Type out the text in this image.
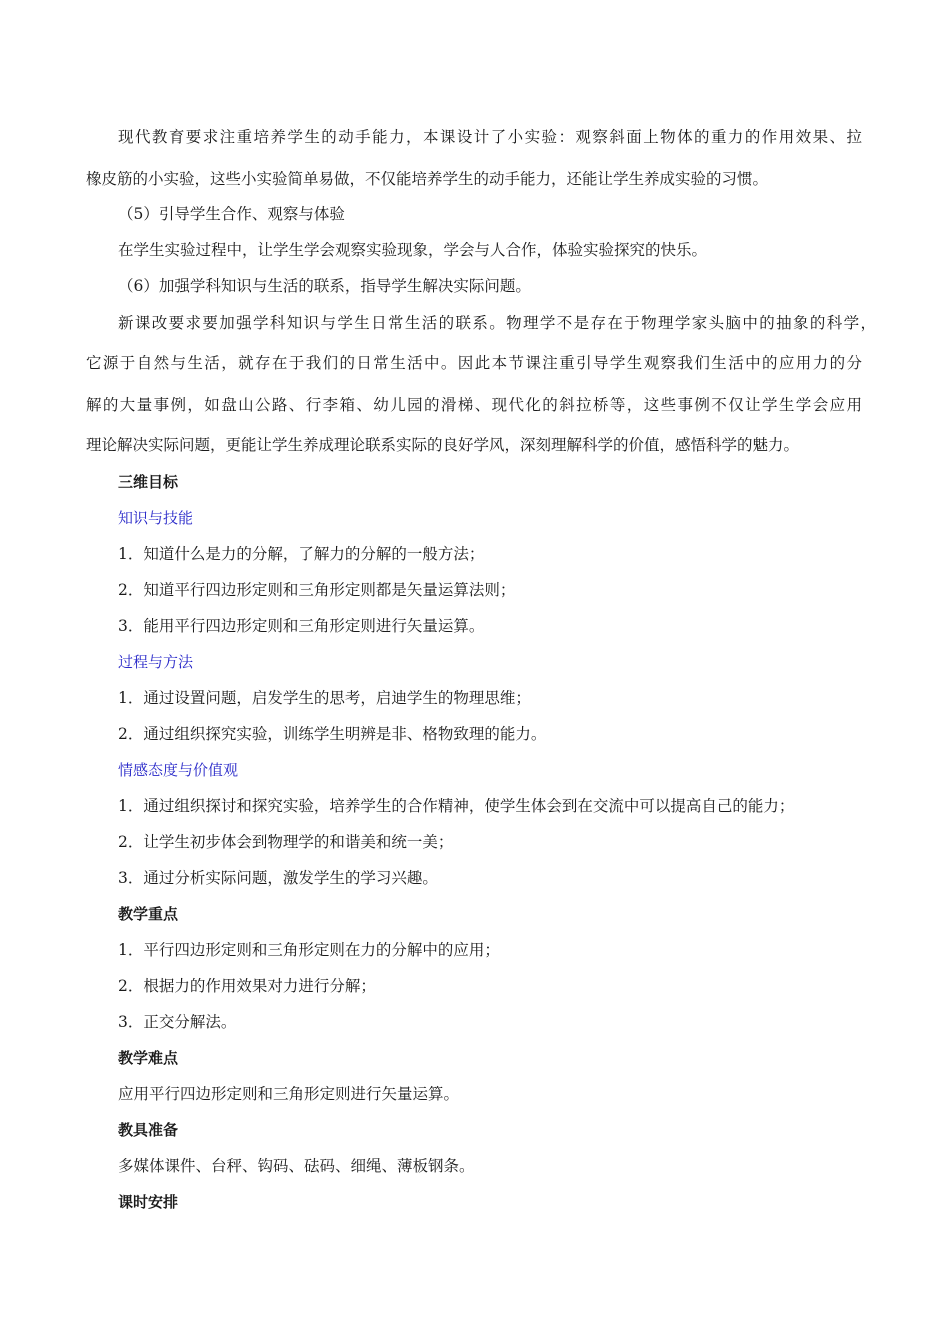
现代教育要求注重培养学生的动手能力，本课设计了小实验：观察斜面上物体的重力的作用效果、拉
橡皮筋的小实验，这些小实验简单易做，不仅能培养学生的动手能力，还能让学生养成实验的习惯。
（5）引导学生合作、观察与体验
在学生实验过程中，让学生学会观察实验现象，学会与人合作，体验实验探究的快乐。
（6）加强学科知识与生活的联系，指导学生解决实际问题。
新课改要求要加强学科知识与学生日常生活的联系。物理学不是存在于物理学家头脑中的抽象的科学，
它源于自然与生活，就存在于我们的日常生活中。因此本节课注重引导学生观察我们生活中的应用力的分
解的大量事例，如盘山公路、行李箱、幼儿园的滑梯、现代化的斜拉桥等，这些事例不仅让学生学会应用
理论解决实际问题，更能让学生养成理论联系实际的良好学风，深刻理解科学的价值，感悟科学的魅力。
三维目标
知识与技能
1．知道什么是力的分解，了解力的分解的一般方法；
2．知道平行四边形定则和三角形定则都是矢量运算法则；
3．能用平行四边形定则和三角形定则进行矢量运算。
过程与方法
1．通过设置问题，启发学生的思考，启迪学生的物理思维；
2．通过组织探究实验，训练学生明辨是非、格物致理的能力。
情感态度与价值观
1．通过组织探讨和探究实验，培养学生的合作精神，使学生体会到在交流中可以提高自己的能力；
2．让学生初步体会到物理学的和谐美和统一美；
3．通过分析实际问题，激发学生的学习兴趣。
教学重点
1．平行四边形定则和三角形定则在力的分解中的应用；
2．根据力的作用效果对力进行分解；
3．正交分解法。
教学难点
应用平行四边形定则和三角形定则进行矢量运算。
教具准备
多媒体课件、台秤、钩码、砝码、细绳、薄板钢条。
课时安排
